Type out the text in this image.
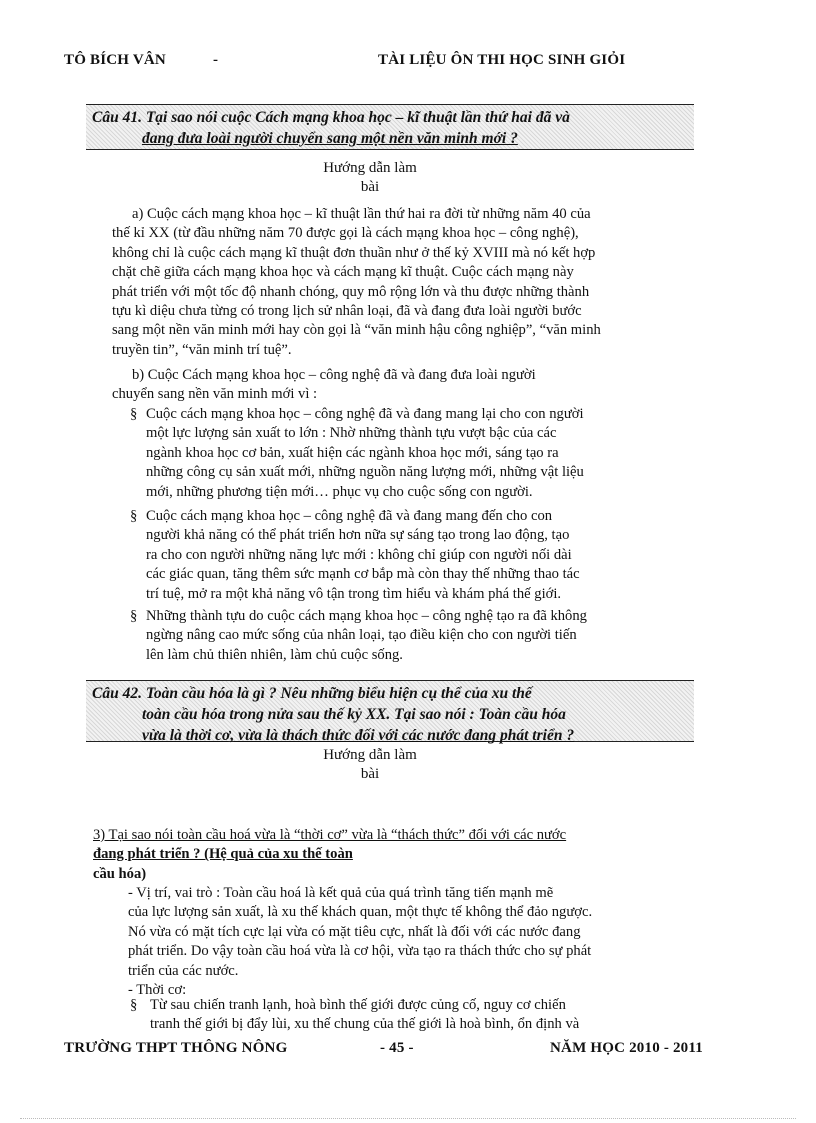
TÔ BÍCH VÂN	-	TÀI LIỆU ÔN THI HỌC SINH GIỎI
Câu 41. Tại sao nói cuộc Cách mạng khoa học – kĩ thuật lần thứ hai đã và
đang đưa loài người chuyển sang một nền văn minh mới ?
Hướng dẫn làm
bài
a) Cuộc cách mạng khoa học – kĩ thuật lần thứ hai ra đời từ những năm 40 của
thế kỉ XX (từ đầu những năm 70 được gọi là cách mạng khoa học – công nghệ),
không chỉ là cuộc cách mạng kĩ thuật đơn thuần như ở thế kỷ XVIII mà nó kết hợp
chặt chẽ giữa cách mạng khoa học và cách mạng kĩ thuật. Cuộc cách mạng này
phát triển với một tốc độ nhanh chóng, quy mô rộng lớn và thu được những thành
tựu kì diệu chưa từng có trong lịch sử nhân loại, đã và đang đưa loài người bước
sang một nền văn minh mới hay còn gọi là “văn minh hậu công nghiệp”, “văn minh
truyền tin”, “văn minh trí tuệ”.
b) Cuộc Cách mạng khoa học – công nghệ đã và đang đưa loài người
chuyển sang nền văn minh mới vì :
§ Cuộc cách mạng khoa học – công nghệ đã và đang mang lại cho con người
một lực lượng sản xuất to lớn : Nhờ những thành tựu vượt bậc của các
ngành khoa học cơ bản, xuất hiện các ngành khoa học mới, sáng tạo ra
những công cụ sản xuất mới, những nguồn năng lượng mới, những vật liệu
mới, những phương tiện mới… phục vụ cho cuộc sống con người.
§ Cuộc cách mạng khoa học – công nghệ đã và đang mang đến cho con
người khả năng có thể phát triển hơn nữa sự sáng tạo trong lao động, tạo
ra cho con người những năng lực mới : không chỉ giúp con người nối dài
các giác quan, tăng thêm sức mạnh cơ bắp mà còn thay thế những thao tác
trí tuệ, mở ra một khả năng vô tận trong tìm hiểu và khám phá thế giới.
§ Những thành tựu do cuộc cách mạng khoa học – công nghệ tạo ra đã không
ngừng nâng cao mức sống của nhân loại, tạo điều kiện cho con người tiến
lên làm chủ thiên nhiên, làm chủ cuộc sống.
Câu 42. Toàn cầu hóa là gì ? Nêu những biểu hiện cụ thể của xu thế
toàn cầu hóa trong nửa sau thế kỷ XX. Tại sao nói : Toàn cầu hóa
vừa là thời cơ, vừa là thách thức đối với các nước đang phát triển ?
Hướng dẫn làm
bài
3) Tại sao nói toàn cầu hoá vừa là “thời cơ” vừa là “thách thức” đối với các nước
đang phát triển ? (Hệ quả của xu thế toàn
cầu hóa)
- Vị trí, vai trò : Toàn cầu hoá là kết quả của quá trình tăng tiến mạnh mẽ
của lực lượng sản xuất, là xu thế khách quan, một thực tế không thể đảo ngược.
Nó vừa có mặt tích cực lại vừa có mặt tiêu cực, nhất là đối với các nước đang
phát triển. Do vậy toàn cầu hoá vừa là cơ hội, vừa tạo ra thách thức cho sự phát
triển của các nước.
- Thời cơ:
§ Từ sau chiến tranh lạnh, hoà bình thế giới được củng cố, nguy cơ chiến
tranh thế giới bị đẩy lùi, xu thế chung của thế giới là hoà bình, ổn định và
TRƯỜNG THPT THÔNG NÔNG	- 45 -	NĂM HỌC 2010 - 2011
